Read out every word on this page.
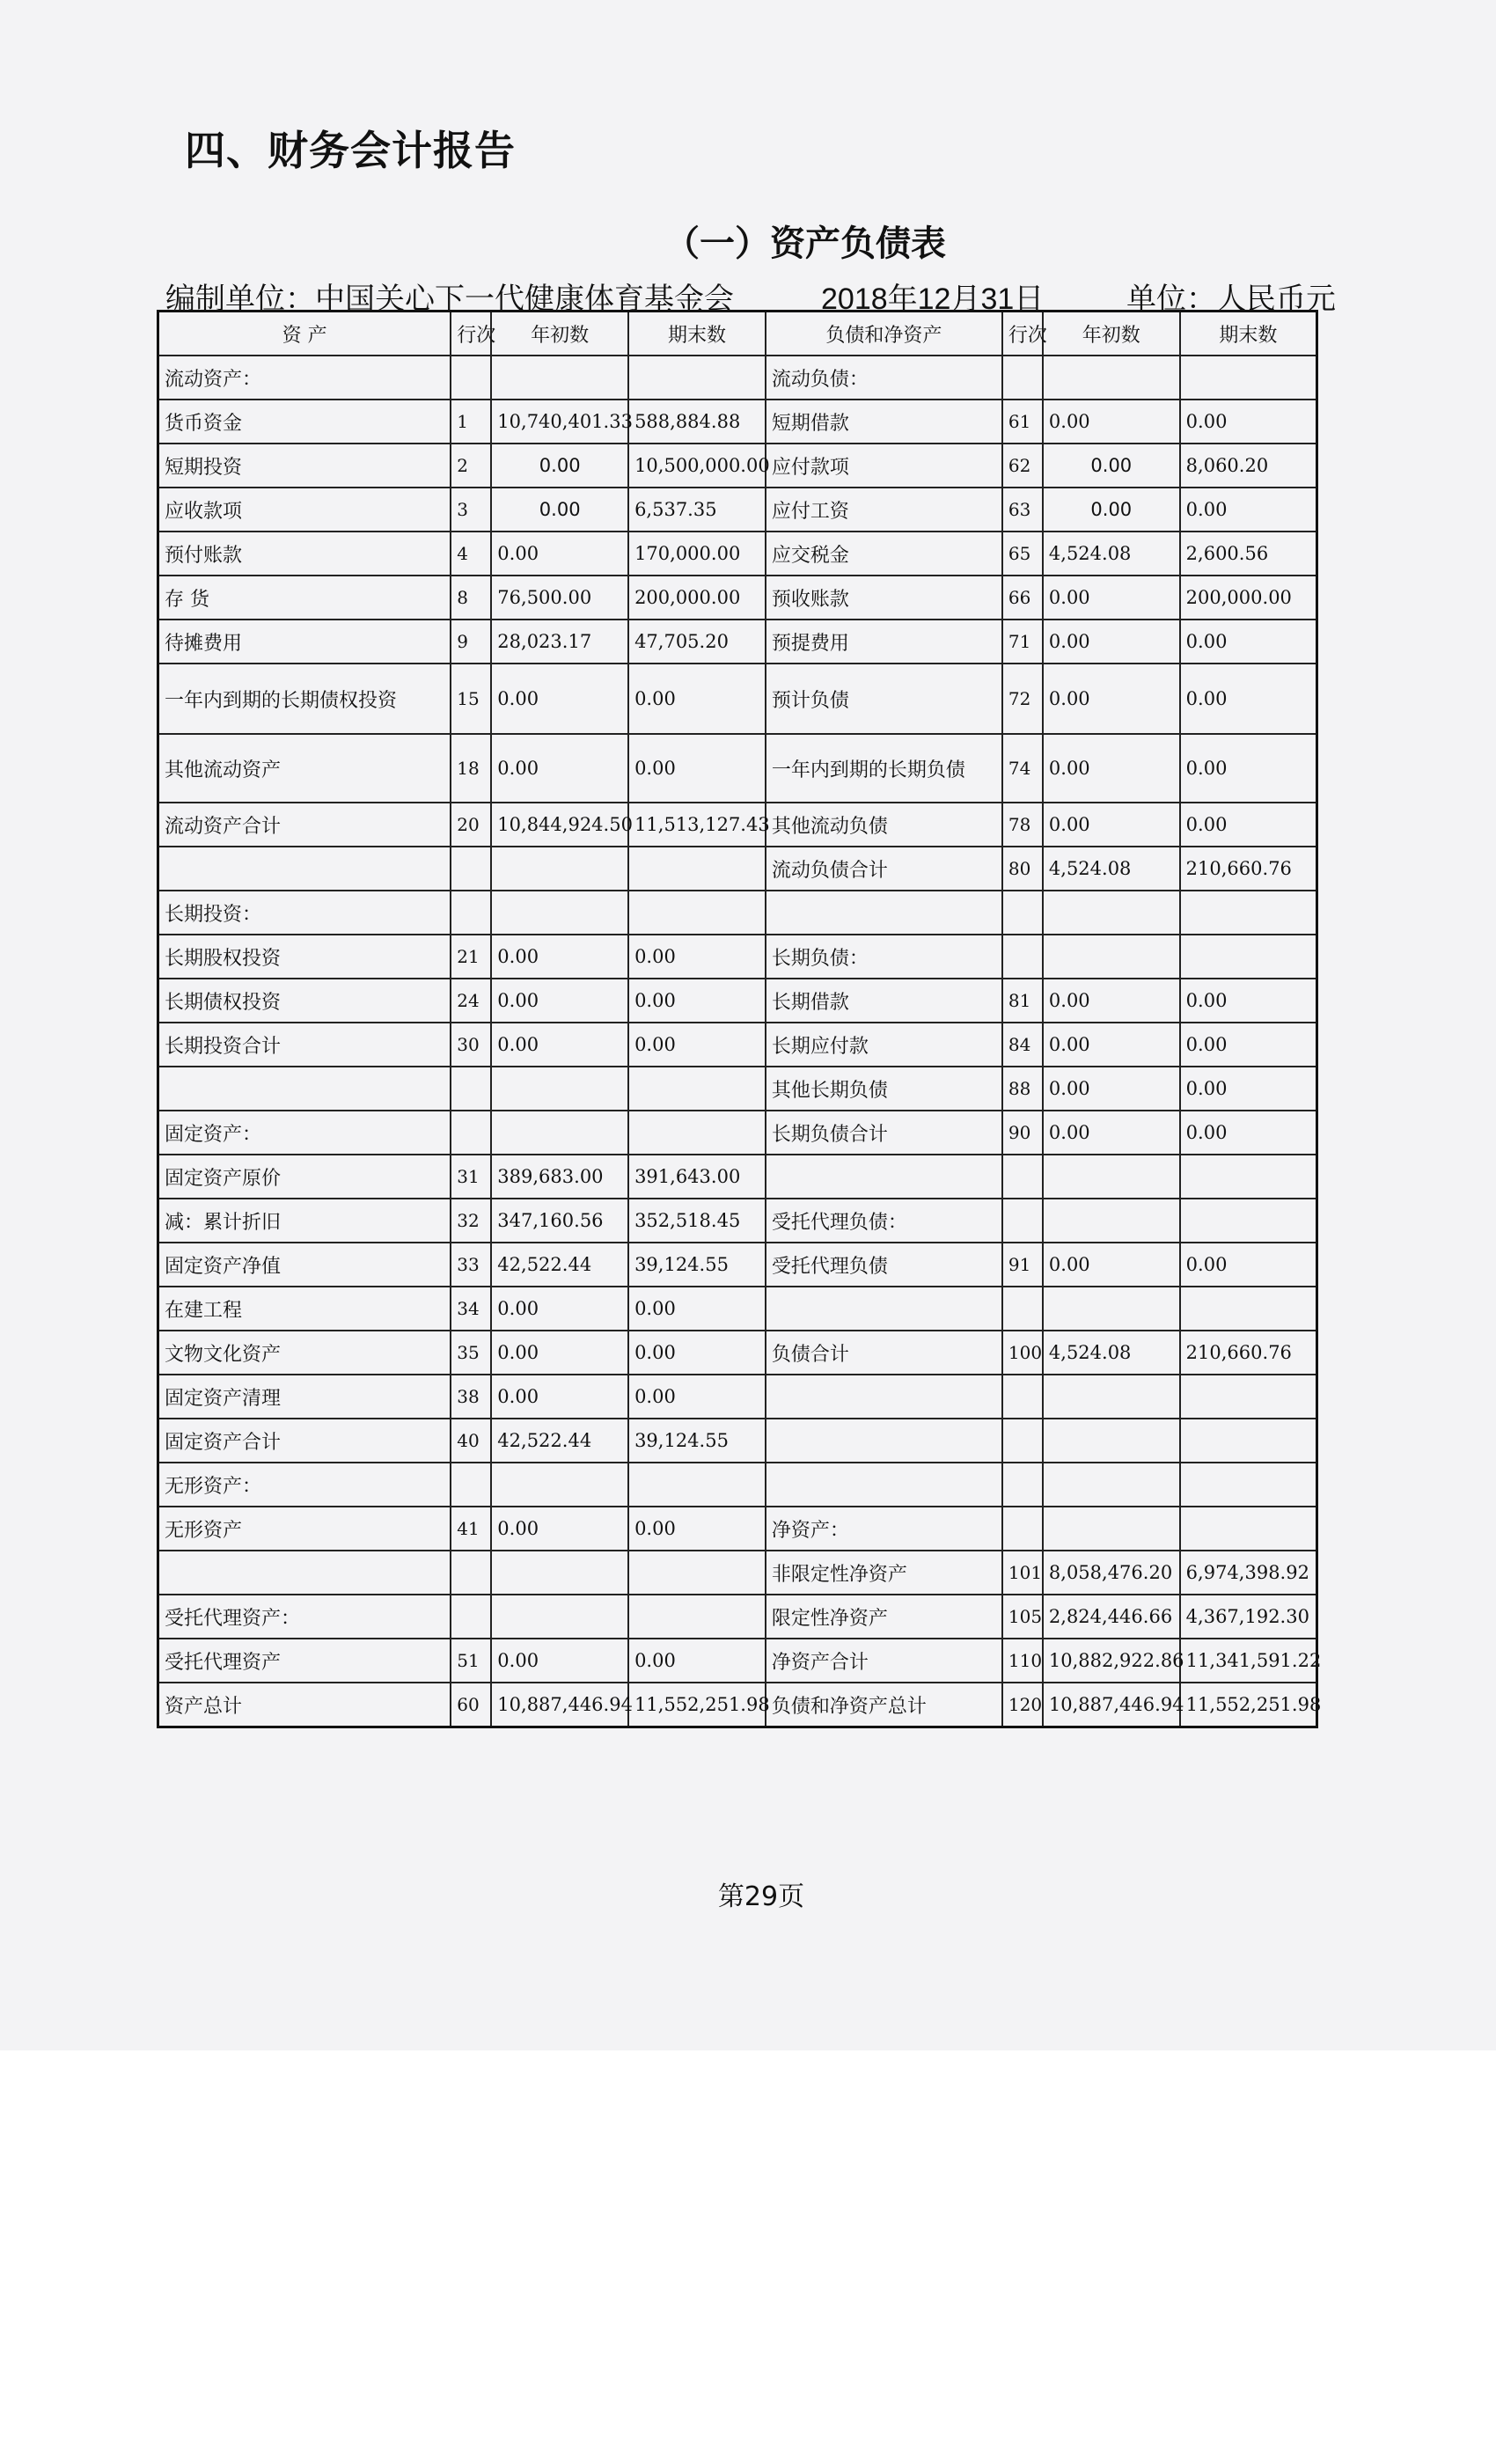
四、财务会计报告
（一）资产负债表
编制单位：中国关心下一代健康体育基金会	2018年12月31日	单位：人民币元
资 产	行次	年初数	期末数	负债和净资产	行次	年初数	期末数
流动资产：				流动负债：			
货币资金	1	10,740,401.33	588,884.88	短期借款	61	0.00	0.00
短期投资	2	0.00	10,500,000.00	应付款项	62	0.00	8,060.20
应收款项	3	0.00	6,537.35	应付工资	63	0.00	0.00
预付账款	4	0.00	170,000.00	应交税金	65	4,524.08	2,600.56
存 货	8	76,500.00	200,000.00	预收账款	66	0.00	200,000.00
待摊费用	9	28,023.17	47,705.20	预提费用	71	0.00	0.00
一年内到期的长期债权投资	15	0.00	0.00	预计负债	72	0.00	0.00
其他流动资产	18	0.00	0.00	一年内到期的长期负债	74	0.00	0.00
流动资产合计	20	10,844,924.50	11,513,127.43	其他流动负债	78	0.00	0.00
				流动负债合计	80	4,524.08	210,660.76
长期投资：							
长期股权投资	21	0.00	0.00	长期负债：			
长期债权投资	24	0.00	0.00	长期借款	81	0.00	0.00
长期投资合计	30	0.00	0.00	长期应付款	84	0.00	0.00
				其他长期负债	88	0.00	0.00
固定资产：				长期负债合计	90	0.00	0.00
固定资产原价	31	389,683.00	391,643.00				
减：累计折旧	32	347,160.56	352,518.45	受托代理负债：			
固定资产净值	33	42,522.44	39,124.55	受托代理负债	91	0.00	0.00
在建工程	34	0.00	0.00				
文物文化资产	35	0.00	0.00	负债合计	100	4,524.08	210,660.76
固定资产清理	38	0.00	0.00				
固定资产合计	40	42,522.44	39,124.55				
无形资产：							
无形资产	41	0.00	0.00	净资产：			
				非限定性净资产	101	8,058,476.20	6,974,398.92
受托代理资产：				限定性净资产	105	2,824,446.66	4,367,192.30
受托代理资产	51	0.00	0.00	净资产合计	110	10,882,922.86	11,341,591.22
资产总计	60	10,887,446.94	11,552,251.98	负债和净资产总计	120	10,887,446.94	11,552,251.98
第29页
